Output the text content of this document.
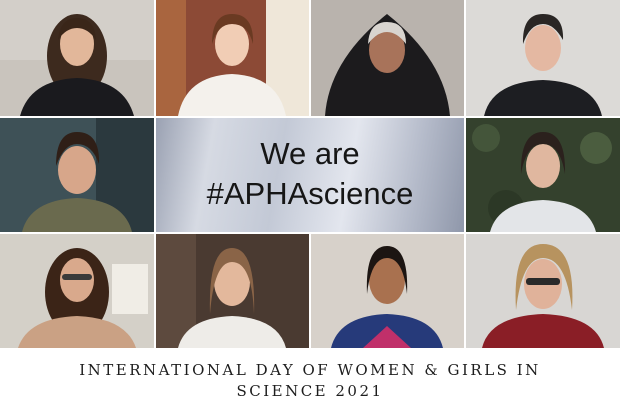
We are
#APHAscience
INTERNATIONAL DAY OF WOMEN & GIRLS IN
SCIENCE 2021
